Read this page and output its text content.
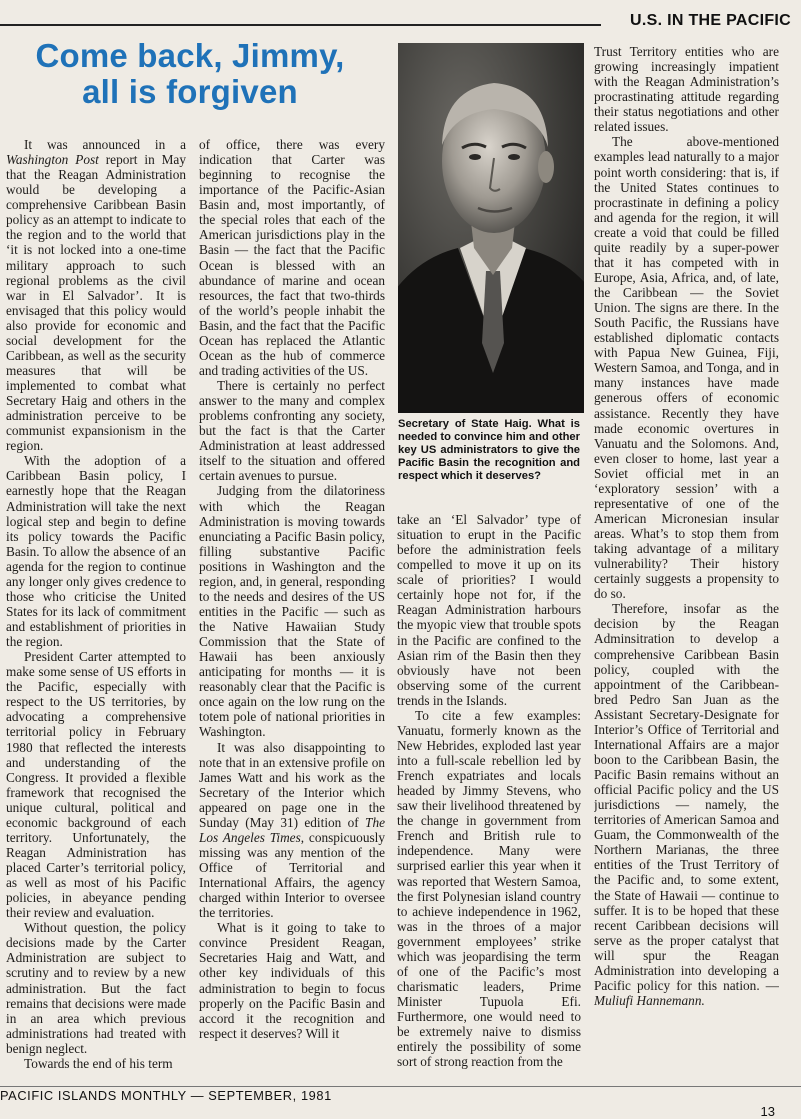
U.S. IN THE PACIFIC
Come back, Jimmy,
all is forgiven

It was announced in a Washington Post report in May that the Reagan Administration would be developing a comprehensive Caribbean Basin policy as an attempt to indicate to the region and to the world that ‘it is not locked into a one-time military approach to such regional problems as the civil war in El Salvador’. It is envisaged that this policy would also provide for economic and social development for the Caribbean, as well as the security measures that will be implemented to combat what Secretary Haig and others in the administration perceive to be communist expansionism in the region.

With the adoption of a Caribbean Basin policy, I earnestly hope that the Reagan Administration will take the next logical step and begin to define its policy towards the Pacific Basin. To allow the absence of an agenda for the region to continue any longer only gives credence to those who criticise the United States for its lack of commitment and establishment of priorities in the region.

President Carter attempted to make some sense of US efforts in the Pacific, especially with respect to the US territories, by advocating a comprehensive territorial policy in February 1980 that reflected the interests and understanding of the Congress. It provided a flexible framework that recognised the unique cultural, political and economic background of each territory. Unfortunately, the Reagan Administration has placed Carter’s territorial policy, as well as most of his Pacific policies, in abeyance pending their review and evaluation.

Without question, the policy decisions made by the Carter Administration are subject to scrutiny and to review by a new administration. But the fact remains that decisions were made in an area which previous administrations had treated with benign neglect.

Towards the end of his term

of office, there was every indication that Carter was beginning to recognise the importance of the Pacific-Asian Basin and, most importantly, of the special roles that each of the American jurisdictions play in the Basin — the fact that the Pacific Ocean is blessed with an abundance of marine and ocean resources, the fact that two-thirds of the world’s people inhabit the Basin, and the fact that the Pacific Ocean has replaced the Atlantic Ocean as the hub of commerce and trading activities of the US.

There is certainly no perfect answer to the many and complex problems confronting any society, but the fact is that the Carter Administration at least addressed itself to the situation and offered certain avenues to pursue.

Judging from the dilatoriness with which the Reagan Administration is moving towards enunciating a Pacific Basin policy, filling substantive Pacific positions in Washington and the region, and, in general, responding to the needs and desires of the US entities in the Pacific — such as the Native Hawaiian Study Commission that the State of Hawaii has been anxiously anticipating for months — it is reasonably clear that the Pacific is once again on the low rung on the totem pole of national priorities in Washington.

It was also disappointing to note that in an extensive profile on James Watt and his work as the Secretary of the Interior which appeared on page one in the Sunday (May 31) edition of The Los Angeles Times, conspicuously missing was any mention of the Office of Territorial and International Affairs, the agency charged within Interior to oversee the territories.

What is it going to take to convince President Reagan, Secretaries Haig and Watt, and other key individuals of this administration to begin to focus properly on the Pacific Basin and accord it the recognition and respect it deserves? Will it

Secretary of State Haig. What is needed to convince him and other key US administrators to give the Pacific Basin the recognition and respect which it deserves?

take an ‘El Salvador’ type of situation to erupt in the Pacific before the administration feels compelled to move it up on its scale of priorities? I would certainly hope not for, if the Reagan Administration harbours the myopic view that trouble spots in the Pacific are confined to the Asian rim of the Basin then they obviously have not been observing some of the current trends in the Islands.

To cite a few examples: Vanuatu, formerly known as the New Hebrides, exploded last year into a full-scale rebellion led by French expatriates and locals headed by Jimmy Stevens, who saw their livelihood threatened by the change in government from French and British rule to independence. Many were surprised earlier this year when it was reported that Western Samoa, the first Polynesian island country to achieve independence in 1962, was in the throes of a major government employees’ strike which was jeopardising the term of one of the Pacific’s most charismatic leaders, Prime Minister Tupuola Efi. Furthermore, one would need to be extremely naive to dismiss entirely the possibility of some sort of strong reaction from the

Trust Territory entities who are growing increasingly impatient with the Reagan Administration’s procrastinating attitude regarding their status negotiations and other related issues.

The above-mentioned examples lead naturally to a major point worth considering: that is, if the United States continues to procrastinate in defining a policy and agenda for the region, it will create a void that could be filled quite readily by a super-power that it has competed with in Europe, Asia, Africa, and, of late, the Caribbean — the Soviet Union. The signs are there. In the South Pacific, the Russians have established diplomatic contacts with Papua New Guinea, Fiji, Western Samoa, and Tonga, and in many instances have made generous offers of economic assistance. Recently they have made economic overtures in Vanuatu and the Solomons. And, even closer to home, last year a Soviet official met in an ‘exploratory session’ with a representative of one of the American Micronesian insular areas. What’s to stop them from taking advantage of a military vulnerability? Their history certainly suggests a propensity to do so.

Therefore, insofar as the decision by the Reagan Adminsitration to develop a comprehensive Caribbean Basin policy, coupled with the appointment of the Caribbean-bred Pedro San Juan as the Assistant Secretary-Designate for Interior’s Office of Territorial and International Affairs are a major boon to the Caribbean Basin, the Pacific Basin remains without an official Pacific policy and the US jurisdictions — namely, the territories of American Samoa and Guam, the Commonwealth of the Northern Marianas, the three entities of the Trust Territory of the Pacific and, to some extent, the State of Hawaii — continue to suffer. It is to be hoped that these recent Caribbean decisions will serve as the proper catalyst that will spur the Reagan Administration into developing a Pacific policy for this nation. — Muliufi Hannemann.

PACIFIC ISLANDS MONTHLY — SEPTEMBER, 1981
13
